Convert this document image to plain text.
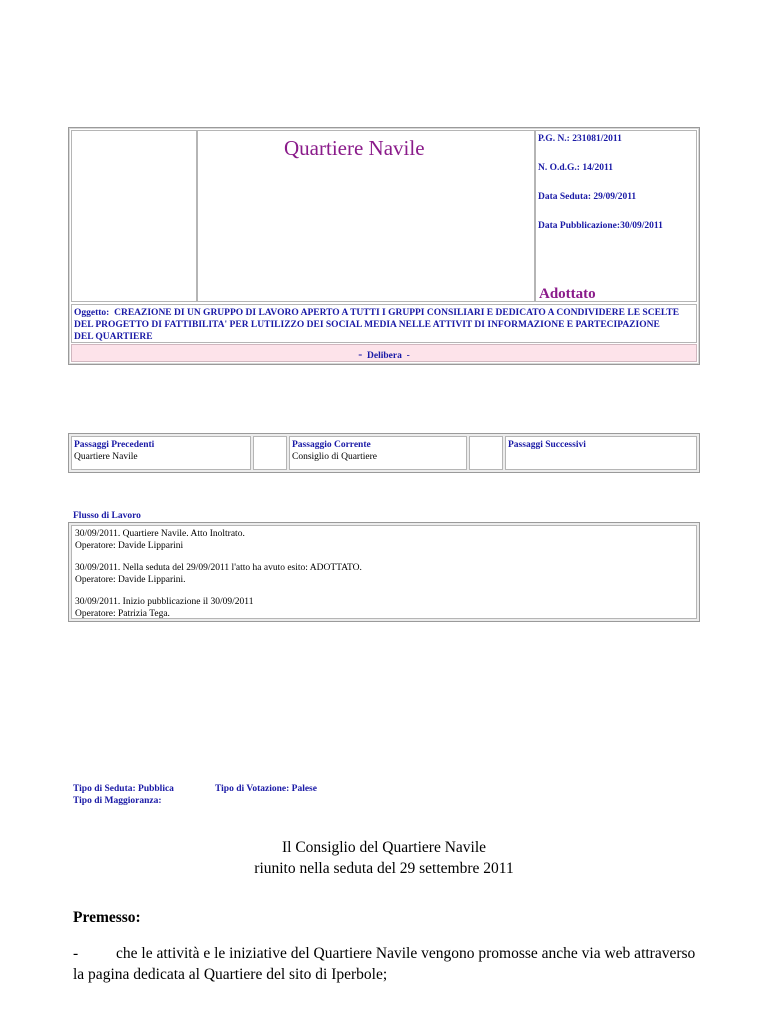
Quartiere Navile	P.G. N.: 231081/2011
N. O.d.G.: 14/2011
Data Seduta: 29/09/2011
Data Pubblicazione:30/09/2011
Adottato
Oggetto: CREAZIONE DI UN GRUPPO DI LAVORO APERTO A TUTTI I GRUPPI CONSILIARI E DEDICATO A CONDIVIDERE LE SCELTE
DEL PROGETTO DI FATTIBILITA' PER LUTILIZZO DEI SOCIAL MEDIA NELLE ATTIVIT DI INFORMAZIONE E PARTECIPAZIONE
DEL QUARTIERE
- Delibera -
Passaggi Precedenti
Quartiere Navile
Passaggio Corrente
Consiglio di Quartiere
Passaggi Successivi
Flusso di Lavoro
30/09/2011. Quartiere Navile. Atto Inoltrato.
Operatore: Davide Lipparini
30/09/2011. Nella seduta del 29/09/2011 l'atto ha avuto esito: ADOTTATO.
Operatore: Davide Lipparini.
30/09/2011. Inizio pubblicazione il 30/09/2011
Operatore: Patrizia Tega.
Tipo di Seduta: Pubblica	Tipo di Votazione: Palese
Tipo di Maggioranza:
Il Consiglio del Quartiere Navile
riunito nella seduta del 29 settembre 2011
Premesso:
- che le attività e le iniziative del Quartiere Navile vengono promosse anche via web attraverso
la pagina dedicata al Quartiere del sito di Iperbole;
